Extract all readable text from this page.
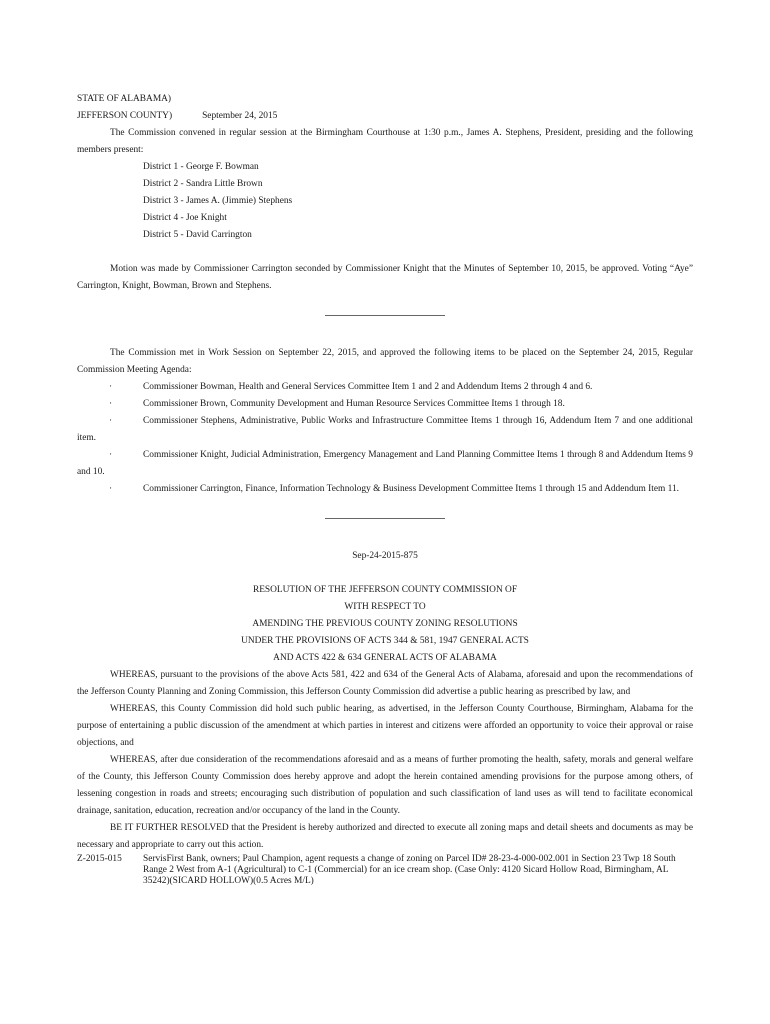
STATE OF ALABAMA)

JEFFERSON COUNTY)	September 24, 2015

The Commission convened in regular session at the Birmingham Courthouse at 1:30 p.m., James A. Stephens, President, presiding and the following members present:

District 1 - George F. Bowman

District 2 - Sandra Little Brown

District 3 - James A. (Jimmie) Stephens

District 4 - Joe Knight

District 5 - David Carrington

Motion was made by Commissioner Carrington seconded by Commissioner Knight that the Minutes of September 10, 2015, be approved. Voting “Aye” Carrington, Knight, Bowman, Brown and Stephens.

The Commission met in Work Session on September 22, 2015, and approved the following items to be placed on the September 24, 2015, Regular Commission Meeting Agenda:

·	Commissioner Bowman, Health and General Services Committee Item 1 and 2 and Addendum Items 2 through 4 and 6.

·	Commissioner Brown, Community Development and Human Resource Services Committee Items 1 through 18.

·	Commissioner Stephens, Administrative, Public Works and Infrastructure Committee Items 1 through 16, Addendum Item 7 and one additional item.

·	Commissioner Knight, Judicial Administration, Emergency Management and Land Planning Committee Items 1 through 8 and Addendum Items 9 and 10.

·	Commissioner Carrington, Finance, Information Technology & Business Development Committee Items 1 through 15 and Addendum Item 11.

Sep-24-2015-875

RESOLUTION OF THE JEFFERSON COUNTY COMMISSION OF

WITH RESPECT TO

AMENDING THE PREVIOUS COUNTY ZONING RESOLUTIONS

UNDER THE PROVISIONS OF ACTS 344 & 581, 1947 GENERAL ACTS

AND ACTS 422 & 634 GENERAL ACTS OF ALABAMA

WHEREAS, pursuant to the provisions of the above Acts 581, 422 and 634 of the General Acts of Alabama, aforesaid and upon the recommendations of the Jefferson County Planning and Zoning Commission, this Jefferson County Commission did advertise a public hearing as prescribed by law, and

WHEREAS, this County Commission did hold such public hearing, as advertised, in the Jefferson County Courthouse, Birmingham, Alabama for the purpose of entertaining a public discussion of the amendment at which parties in interest and citizens were afforded an opportunity to voice their approval or raise objections, and

WHEREAS, after due consideration of the recommendations aforesaid and as a means of further promoting the health, safety, morals and general welfare of the County, this Jefferson County Commission does hereby approve and adopt the herein contained amending provisions for the purpose among others, of lessening congestion in roads and streets; encouraging such distribution of population and such classification of land uses as will tend to facilitate economical drainage, sanitation, education, recreation and/or occupancy of the land in the County.

BE IT FURTHER RESOLVED that the President is hereby authorized and directed to execute all zoning maps and detail sheets and documents as may be necessary and appropriate to carry out this action.

Z-2015-015	ServisFirst Bank, owners; Paul Champion, agent requests a change of zoning on Parcel ID# 28-23-4-000-002.001 in Section 23 Twp 18 South Range 2 West from A-1 (Agricultural) to C-1 (Commercial) for an ice cream shop. (Case Only: 4120 Sicard Hollow Road, Birmingham, AL 35242)(SICARD HOLLOW)(0.5 Acres M/L)
